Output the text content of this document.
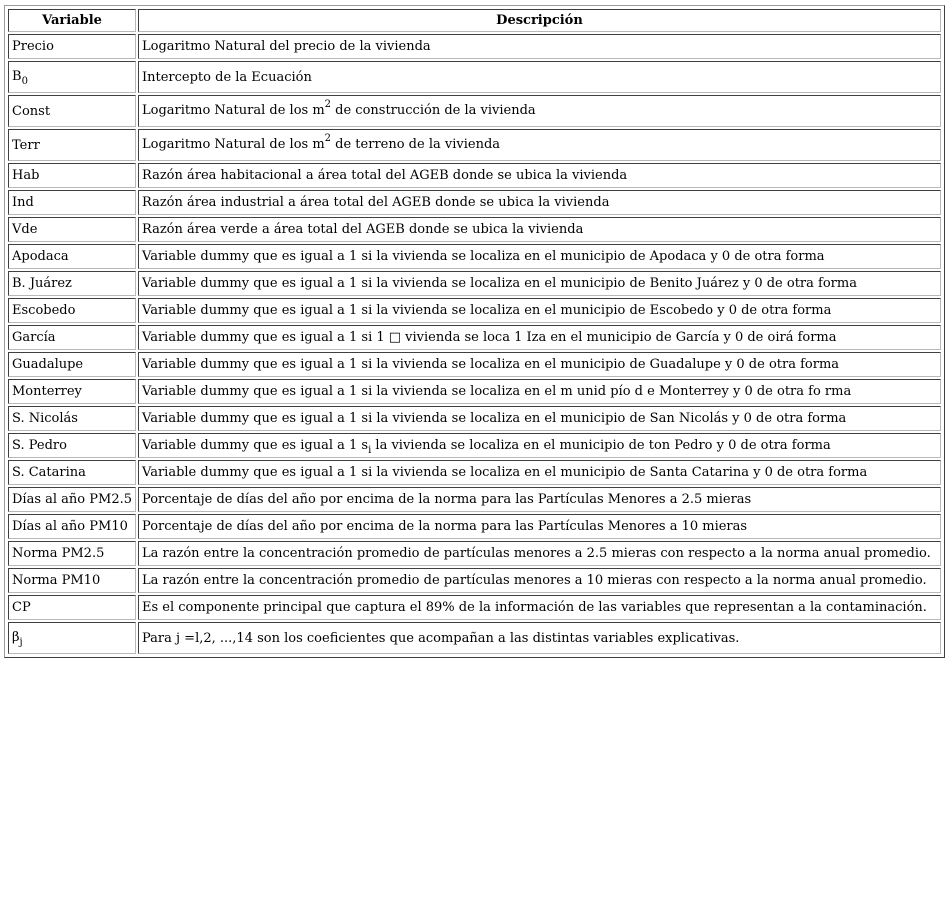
Variable	Descripción
Precio	Logaritmo Natural del precio de la vivienda
$B_0$	Intercepto de la Ecuación
Const	Logaritmo Natural de los $m^2$ de construcción de la vivienda
Terr	Logaritmo Natural de los $m^2$ de terreno de la vivienda
Hab	Razón área habitacional a área total del AGEB donde se ubica la vivienda
Ind	Razón área industrial a área total del AGEB donde se ubica la vivienda
Vde	Razón área verde a área total del AGEB donde se ubica la vivienda
Apodaca	Variable dummy que es igual a 1 si la vivienda se localiza en el municipio de Apodaca y 0 de otra forma
B. Juárez	Variable dummy que es igual a 1 si la vivienda se localiza en el municipio de Benito Juárez y 0 de otra forma
Escobedo	Variable dummy que es igual a 1 si la vivienda se localiza en el municipio de Escobedo y 0 de otra forma
García	Variable dummy que es igual a 1 si 1 □ vivienda se loca 1 Iza en el municipio de García y 0 de oirá forma
Guadalupe	Variable dummy que es igual a 1 si la vivienda se localiza en el municipio de Guadalupe y 0 de otra forma
Monterrey	Variable dummy que es igual a 1 si la vivienda se localiza en el m unid pío d e Monterrey y 0 de otra fo rma
S. Nicolás	Variable dummy que es igual a 1 si la vivienda se localiza en el municipio de San Nicolás y 0 de otra forma
S. Pedro	Variable dummy que es igual a 1 $s_i$ la vivienda se localiza en el municipio de ton Pedro y 0 de otra forma
S. Catarina	Variable dummy que es igual a 1 si la vivienda se localiza en el municipio de Santa Catarina y 0 de otra forma
Días al año PM2.5	Porcentaje de días del año por encima de la norma para las Partículas Menores a 2.5 mieras
Días al año PM10	Porcentaje de días del año por encima de la norma para las Partículas Menores a 10 mieras
Norma PM2.5	La razón entre la concentración promedio de partículas menores a 2.5 mieras con respecto a la norma anual promedio.
Norma PM10	La razón entre la concentración promedio de partículas menores a 10 mieras con respecto a la norma anual promedio.
CP	Es el componente principal que captura el 89% de la información de las variables que representan a la contaminación.
$\beta_j$	Para j =l,2, ...,14 son los coeficientes que acompañan a las distintas variables explicativas.
